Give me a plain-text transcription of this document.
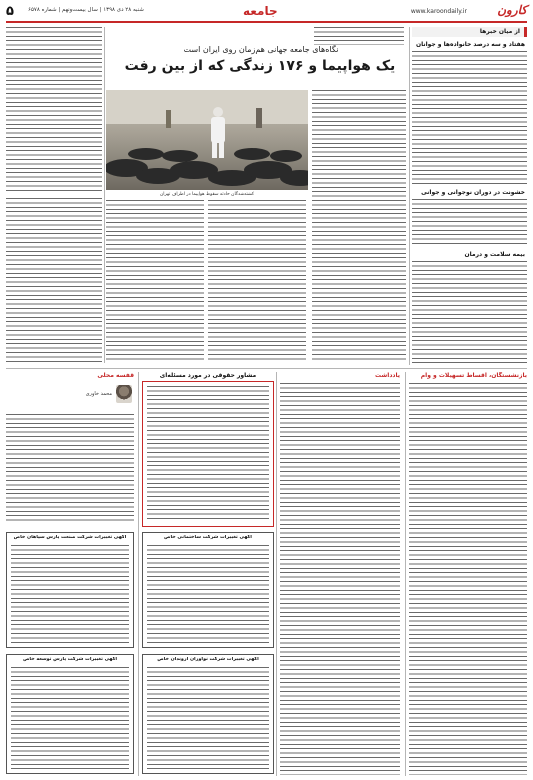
۵	شنبه ۲۸ دی ۱۳۹۸ | سال بیست‌ونهم | شماره ۶۵۷۸	جامعه	www.karoondaily.ir	کارون
از میان خبرها
هفتاد و سه درصد خانواده‌ها و جوانان
خشونت در دوران نوجوانی و جوانی
بیمه سلامت و درمان
نگاه‌های جامعه جهانی هم‌زمان روی ایران است
یک هواپیما و ۱۷۶ زندگی که از بین رفت
کشته‌شدگان حادثه سقوط هواپیما در اطراف تهران
بازنشستگان، اقساط تسهیلات و وام
یادداشت
مشاور حقوقی در مورد مسئله‌ای
قفسه محلی
محمد خاوری
آگهی تغییرات شرکت ساختمانی خاص
آگهی تغییرات شرکت صنعت پارس سپاهان خاص
آگهی تغییرات شرکت نوآوران اروندان خاص
آگهی تغییرات شرکت پارس توسعه خاص
